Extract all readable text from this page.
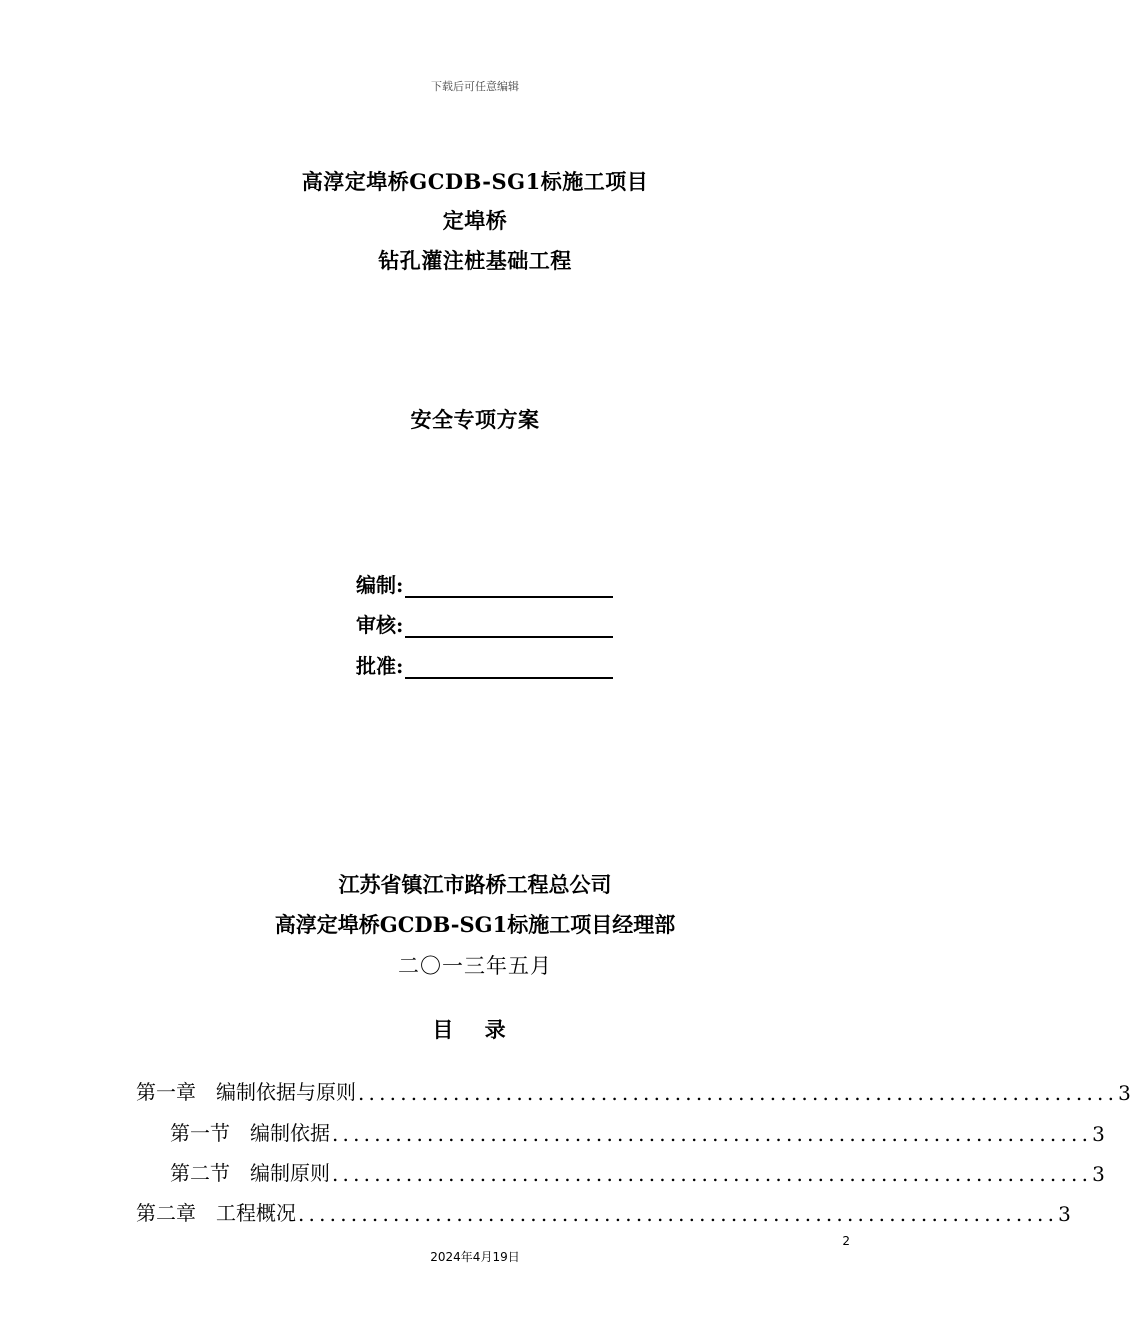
下载后可任意编辑
高淳定埠桥GCDB-SG1标施工项目
定埠桥
钻孔灌注桩基础工程
安全专项方案
编制:
审核:
批准:
江苏省镇江市路桥工程总公司
高淳定埠桥GCDB-SG1标施工项目经理部
二〇一三年五月
目 录
第一章　编制依据与原则 ........................................................................ 3
第一节　编制依据 ........................................................................ 3
第二节　编制原则 ........................................................................ 3
第二章　工程概况 ........................................................................ 3
2
2024年4月19日
